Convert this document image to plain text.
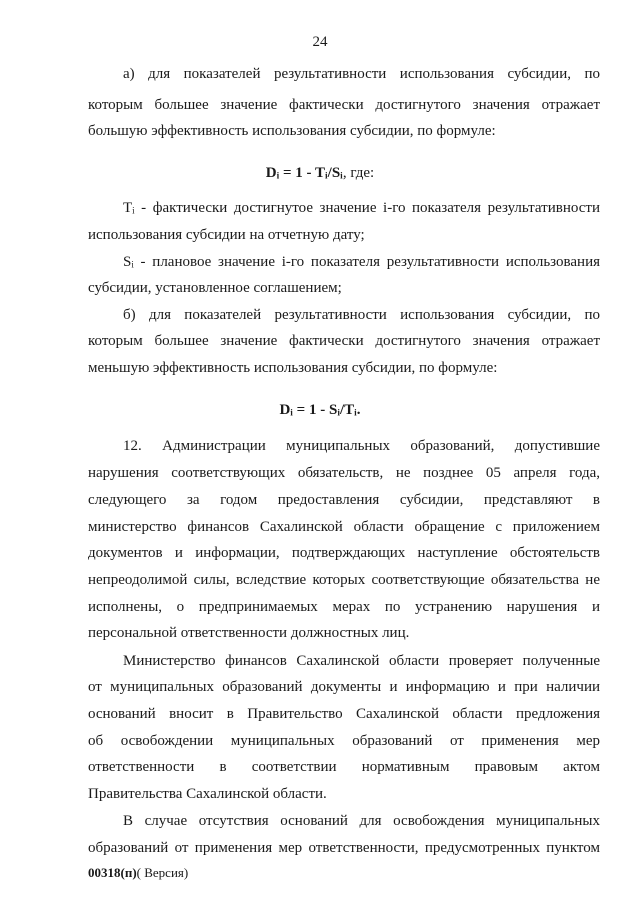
24
а) для показателей результативности использования субсидии, по
которым большее значение фактически достигнутого значения отражает
большую эффективность использования субсидии, по формуле:
Dᵢ = 1 - Tᵢ/Sᵢ, где:
Tᵢ - фактически достигнутое значение i-го показателя результативности
использования субсидии на отчетную дату;
Sᵢ - плановое значение i-го показателя результативности использования
субсидии, установленное соглашением;
б) для показателей результативности использования субсидии, по
которым большее значение фактически достигнутого значения отражает
меньшую эффективность использования субсидии, по формуле:
Dᵢ = 1 - Sᵢ/Tᵢ.
12. Администрации муниципальных образований, допустившие
нарушения соответствующих обязательств, не позднее 05 апреля года,
следующего за годом предоставления субсидии, представляют в
министерство финансов Сахалинской области обращение с приложением
документов и информации, подтверждающих наступление обстоятельств
непреодолимой силы, вследствие которых соответствующие обязательства не
исполнены, о предпринимаемых мерах по устранению нарушения и
персональной ответственности должностных лиц.
Министерство финансов Сахалинской области проверяет полученные
от муниципальных образований документы и информацию и при наличии
оснований вносит в Правительство Сахалинской области предложения
об освобождении муниципальных образований от применения мер
ответственности в соответствии нормативным правовым актом
Правительства Сахалинской области.
В случае отсутствия оснований для освобождения муниципальных
образований от применения мер ответственности, предусмотренных пунктом
00318(п)( Версия)
